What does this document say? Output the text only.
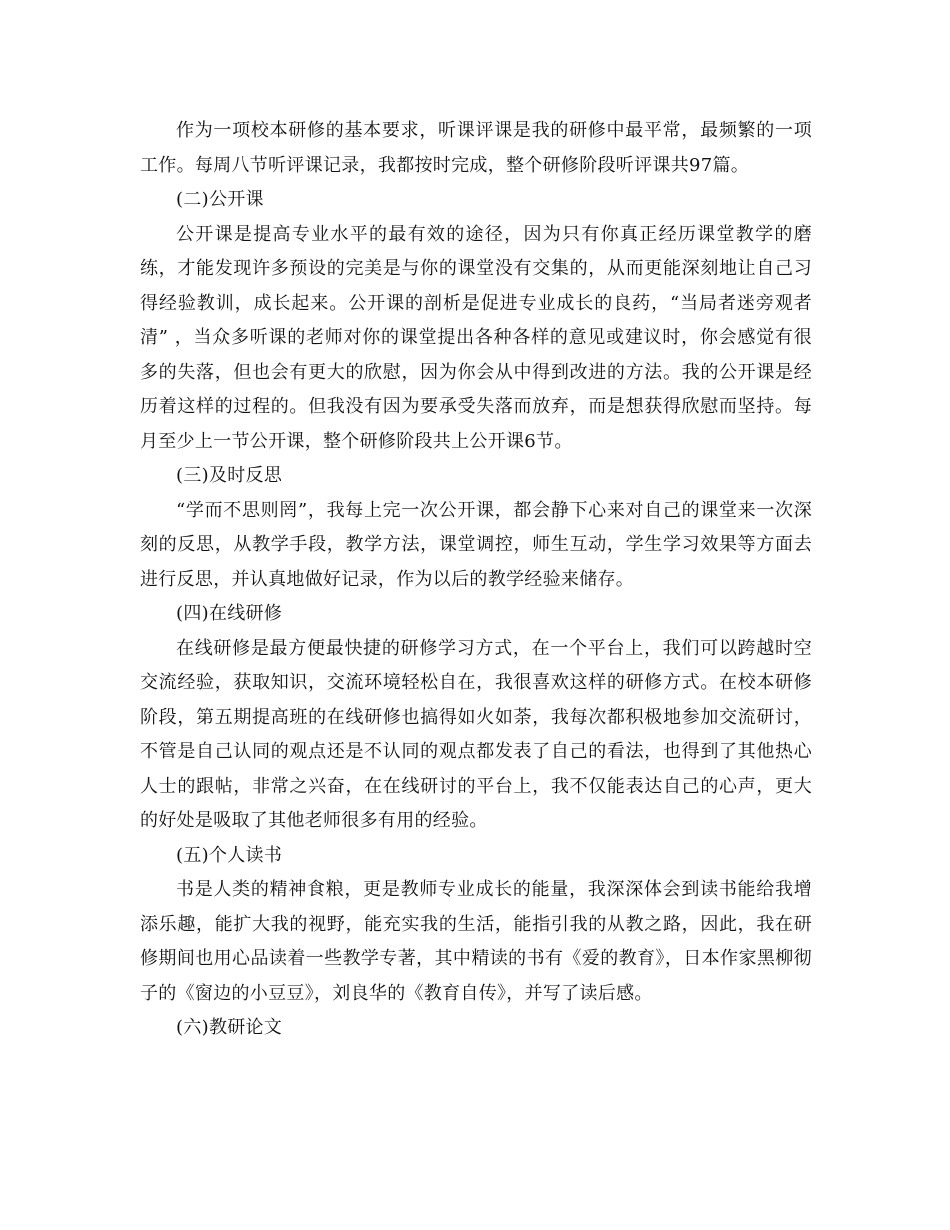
作为一项校本研修的基本要求，听课评课是我的研修中最平常，最频繁的一项工作。每周八节听评课记录，我都按时完成，整个研修阶段听评课共97篇。

(二)公开课

公开课是提高专业水平的最有效的途径，因为只有你真正经历课堂教学的磨练，才能发现许多预设的完美是与你的课堂没有交集的，从而更能深刻地让自己习得经验教训，成长起来。公开课的剖析是促进专业成长的良药，“当局者迷旁观者清” ，当众多听课的老师对你的课堂提出各种各样的意见或建议时，你会感觉有很多的失落，但也会有更大的欣慰，因为你会从中得到改进的方法。我的公开课是经历着这样的过程的。但我没有因为要承受失落而放弃，而是想获得欣慰而坚持。每月至少上一节公开课，整个研修阶段共上公开课6节。

(三)及时反思

“学而不思则罔”，我每上完一次公开课，都会静下心来对自己的课堂来一次深刻的反思，从教学手段，教学方法，课堂调控，师生互动，学生学习效果等方面去进行反思，并认真地做好记录，作为以后的教学经验来储存。

(四)在线研修

在线研修是最方便最快捷的研修学习方式，在一个平台上，我们可以跨越时空交流经验，获取知识，交流环境轻松自在，我很喜欢这样的研修方式。在校本研修阶段，第五期提高班的在线研修也搞得如火如荼，我每次都积极地参加交流研讨，不管是自己认同的观点还是不认同的观点都发表了自己的看法，也得到了其他热心人士的跟帖，非常之兴奋，在在线研讨的平台上，我不仅能表达自己的心声，更大的好处是吸取了其他老师很多有用的经验。

(五)个人读书

书是人类的精神食粮，更是教师专业成长的能量，我深深体会到读书能给我增添乐趣，能扩大我的视野，能充实我的生活，能指引我的从教之路，因此，我在研修期间也用心品读着一些教学专著，其中精读的书有《爱的教育》，日本作家黑柳彻子的《窗边的小豆豆》，刘良华的《教育自传》，并写了读后感。

(六)教研论文
